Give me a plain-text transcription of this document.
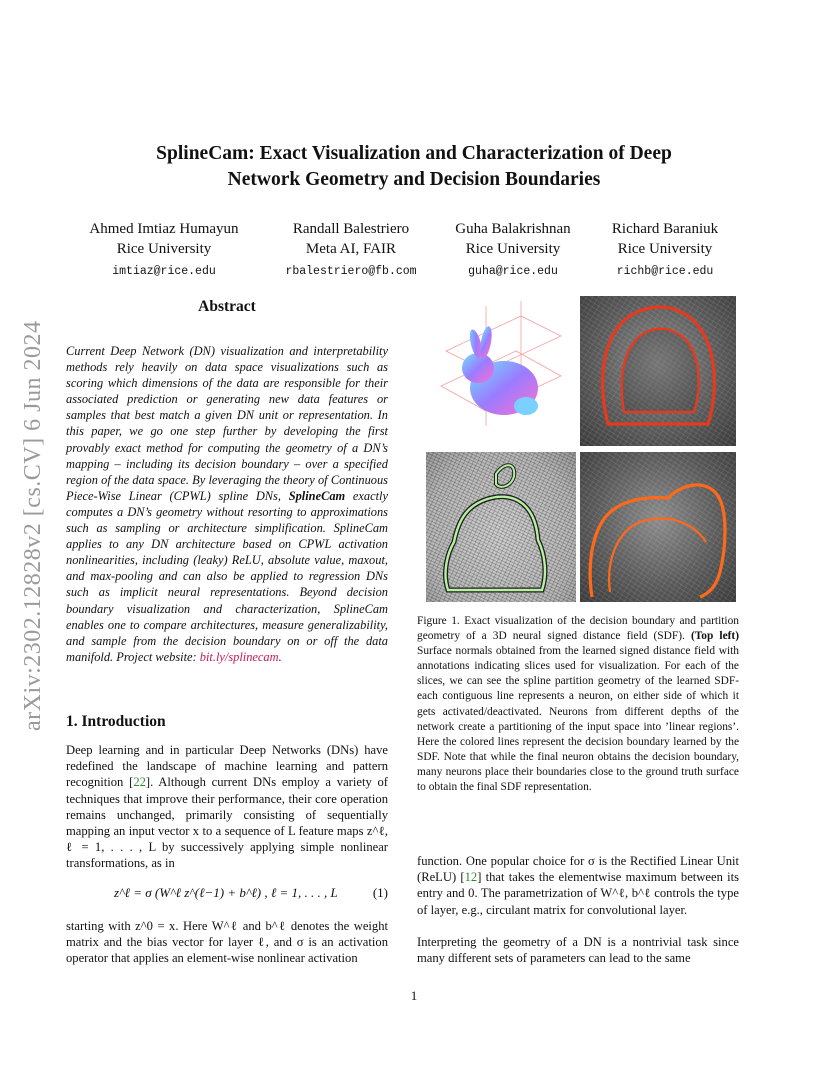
arXiv:2302.12828v2 [cs.CV] 6 Jun 2024
SplineCam: Exact Visualization and Characterization of Deep
Network Geometry and Decision Boundaries
Ahmed Imtiaz Humayun
Rice University
imtiaz@rice.edu
Randall Balestriero
Meta AI, FAIR
rbalestriero@fb.com
Guha Balakrishnan
Rice University
guha@rice.edu
Richard Baraniuk
Rice University
richb@rice.edu
Abstract
Current Deep Network (DN) visualization and interpretability methods rely heavily on data space visualizations such as scoring which dimensions of the data are responsible for their associated prediction or generating new data features or samples that best match a given DN unit or representation. In this paper, we go one step further by developing the first provably exact method for computing the geometry of a DN’s mapping – including its decision boundary – over a specified region of the data space. By leveraging the theory of Continuous Piece-Wise Linear (CPWL) spline DNs, SplineCam exactly computes a DN’s geometry without resorting to approximations such as sampling or architecture simplification. SplineCam applies to any DN architecture based on CPWL activation nonlinearities, including (leaky) ReLU, absolute value, maxout, and max-pooling and can also be applied to regression DNs such as implicit neural representations. Beyond decision boundary visualization and characterization, SplineCam enables one to compare architectures, measure generalizability, and sample from the decision boundary on or off the data manifold. Project website: bit.ly/splinecam.
1. Introduction
Deep learning and in particular Deep Networks (DNs) have redefined the landscape of machine learning and pattern recognition [22]. Although current DNs employ a variety of techniques that improve their performance, their core operation remains unchanged, primarily consisting of sequentially mapping an input vector x to a sequence of L feature maps z^ℓ, ℓ = 1, . . . , L by successively applying simple nonlinear transformations, as in
z^ℓ = σ (W^ℓ z^(ℓ−1) + b^ℓ) , ℓ = 1, . . . , L	(1)
starting with z^0 = x. Here W^ℓ and b^ℓ denotes the weight matrix and the bias vector for layer ℓ, and σ is an activation operator that applies an element-wise nonlinear activation
Figure 1. Exact visualization of the decision boundary and partition geometry of a 3D neural signed distance field (SDF). (Top left) Surface normals obtained from the learned signed distance field with annotations indicating slices used for visualization. For each of the slices, we can see the spline partition geometry of the learned SDF- each contiguous line represents a neuron, on either side of which it gets activated/deactivated. Neurons from different depths of the network create a partitioning of the input space into ’linear regions’. Here the colored lines represent the decision boundary learned by the SDF. Note that while the final neuron obtains the decision boundary, many neurons place their boundaries close to the ground truth surface to obtain the final SDF representation.
function. One popular choice for σ is the Rectified Linear Unit (ReLU) [12] that takes the elementwise maximum between its entry and 0. The parametrization of W^ℓ, b^ℓ controls the type of layer, e.g., circulant matrix for convolutional layer.
Interpreting the geometry of a DN is a nontrivial task since many different sets of parameters can lead to the same
1
